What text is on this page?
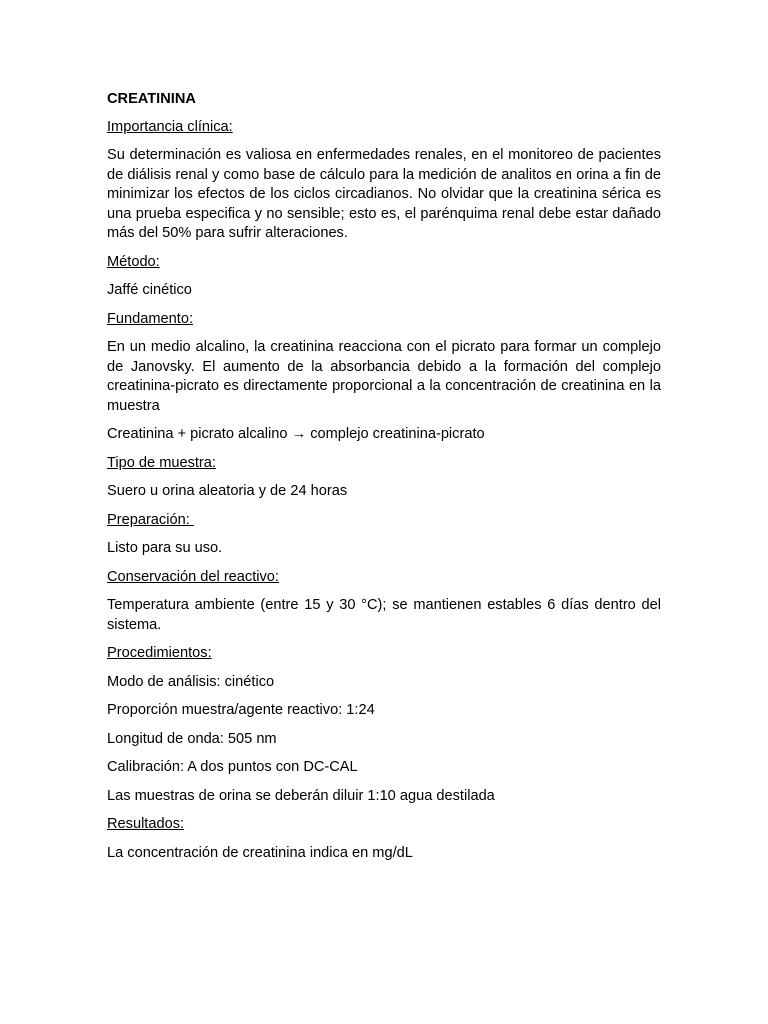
CREATININA
Importancia clínica:
Su determinación es valiosa en enfermedades renales, en el monitoreo de pacientes de diálisis renal y como base de cálculo para la medición de analitos en orina a fin de minimizar los efectos de los ciclos circadianos. No olvidar que la creatinina sérica es una prueba especifica y no sensible; esto es, el parénquima renal debe estar dañado más del 50% para sufrir alteraciones.
Método:
Jaffé cinético
Fundamento:
En un medio alcalino, la creatinina reacciona con el picrato para formar un complejo de Janovsky. El aumento de la absorbancia debido a la formación del complejo creatinina-picrato es directamente proporcional a la concentración de creatinina en la muestra
Creatinina + picrato alcalino → complejo creatinina-picrato
Tipo de muestra:
Suero u orina aleatoria y de 24 horas
Preparación:
Listo para su uso.
Conservación del reactivo:
Temperatura ambiente (entre 15 y 30 °C); se mantienen estables 6 días dentro del sistema.
Procedimientos:
Modo de análisis: cinético
Proporción muestra/agente reactivo: 1:24
Longitud de onda: 505 nm
Calibración: A dos puntos con DC-CAL
Las muestras de orina se deberán diluir 1:10 agua destilada
Resultados:
La concentración de creatinina indica en mg/dL
